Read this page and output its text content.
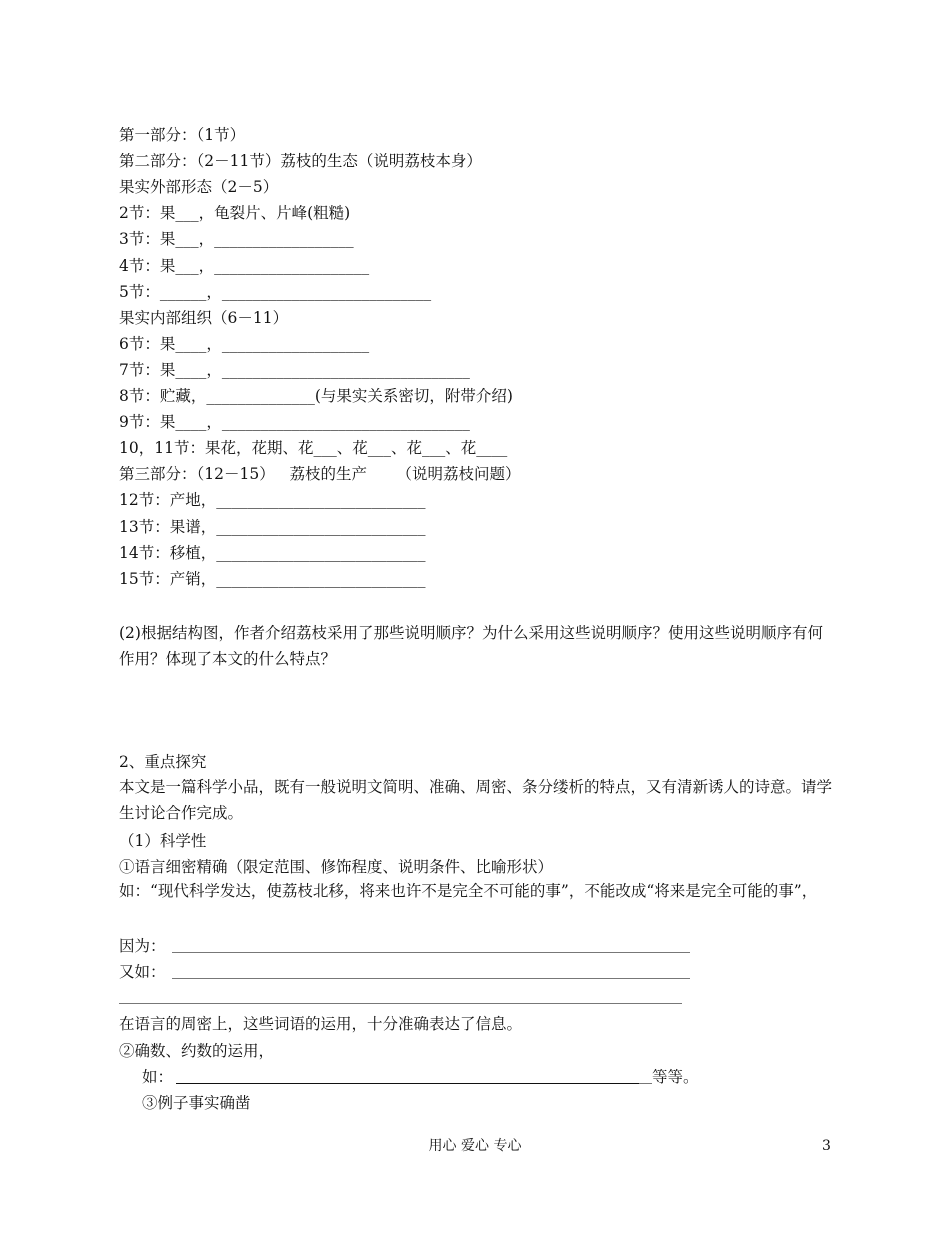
第一部分：（1节）
第二部分：（2－11节）荔枝的生态（说明荔枝本身）
果实外部形态（2－5）
2节：果___，龟裂片、片峰(粗糙)
3节：果___，__________________
4节：果___，____________________
5节：______，___________________________
果实内部组织（6－11）
6节：果____，___________________
7节：果____，________________________________
8节：贮藏，______________(与果实关系密切，附带介绍)
9节：果____，________________________________
10，11节：果花，花期、花___、花___、花___、花____
第三部分：（12－15）   荔枝的生产      （说明荔枝问题）
12节：产地，___________________________
13节：果谱，___________________________
14节：移植，___________________________
15节：产销，___________________________
(2)根据结构图，作者介绍荔枝采用了那些说明顺序？为什么采用这些说明顺序？使用这些说明顺序有何作用？体现了本文的什么特点？
2、重点探究
本文是一篇科学小品，既有一般说明文简明、准确、周密、条分缕析的特点，又有清新诱人的诗意。请学生讨论合作完成。
（1）科学性
①语言细密精确（限定范围、修饰程度、说明条件、比喻形状）
如：“现代科学发达，使荔枝北移，将来也许不是完全不可能的事”，不能改成“将来是完全可能的事”，
因为：
又如：
在语言的周密上，这些词语的运用，十分准确表达了信息。
②确数、约数的运用，
如：	等等。
③例子事实确凿
用心 爱心 专心	3
